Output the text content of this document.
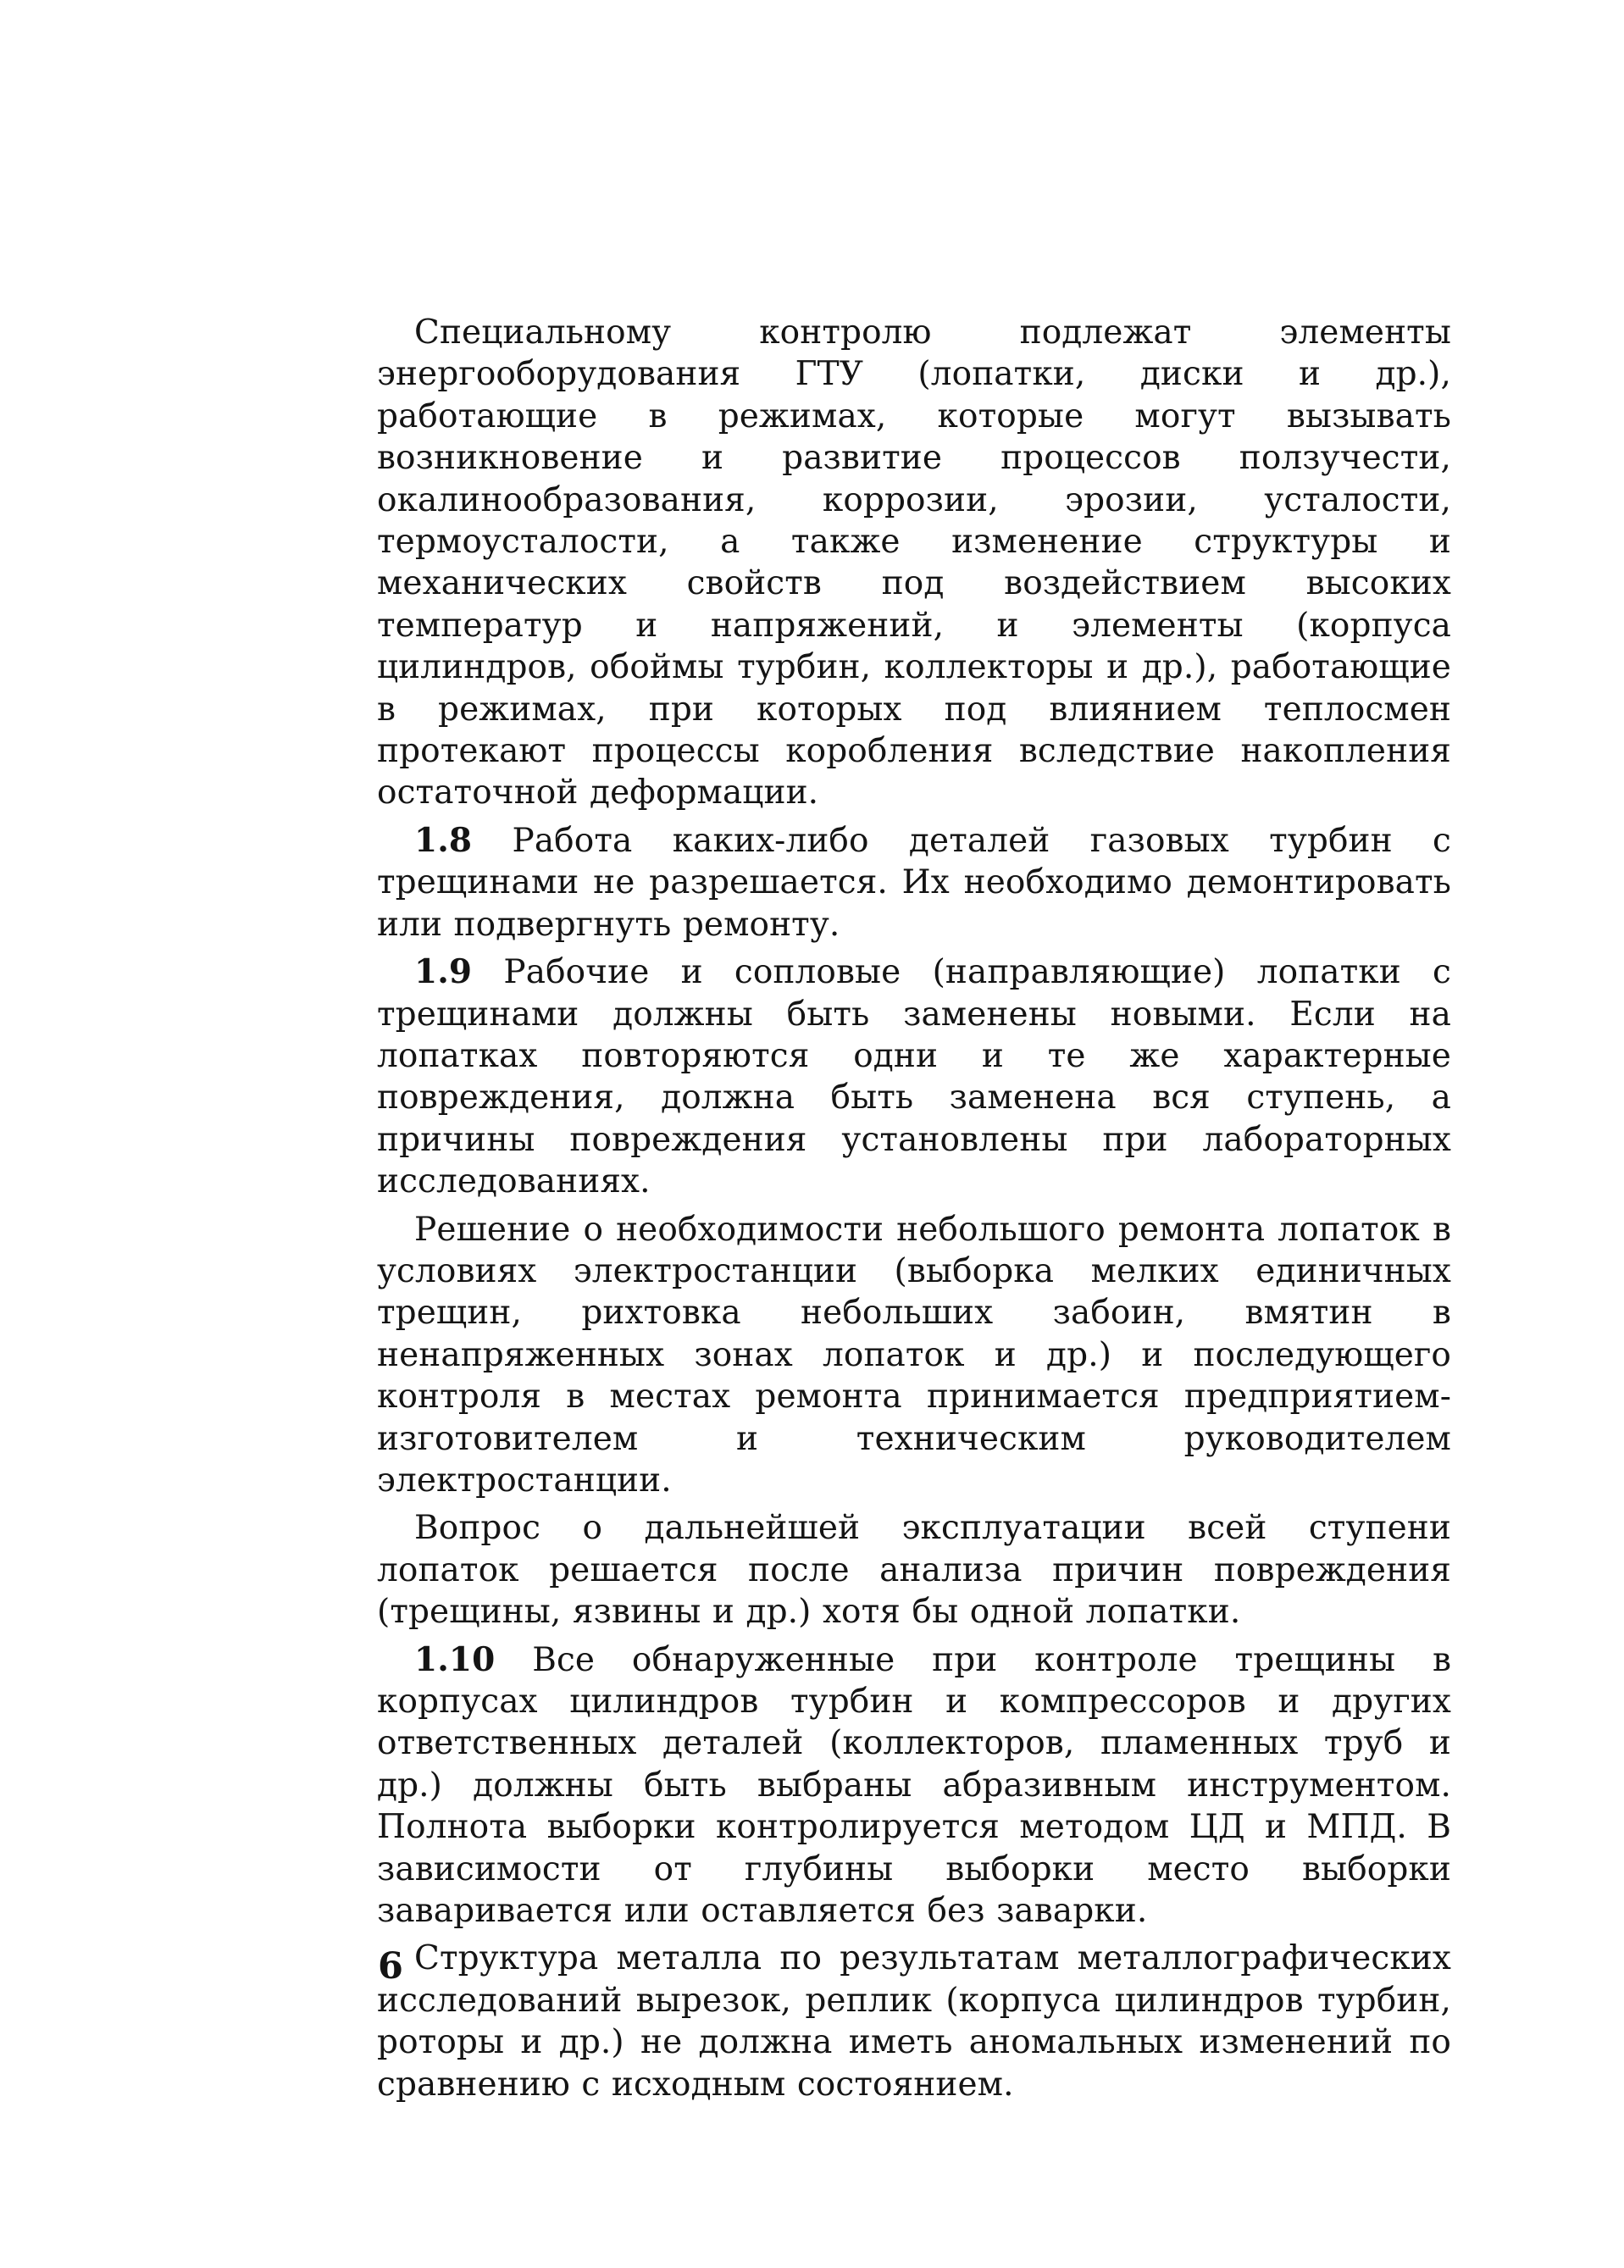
Специальному контролю подлежат элементы энергооборудования ГТУ (лопатки, диски и др.), работающие в режимах, которые могут вызывать возникновение и развитие процессов ползучести, окалинообразования, коррозии, эрозии, усталости, термоусталости, а также изменение структуры и механических свойств под воздействием высоких температур и напряжений, и элементы (корпуса цилиндров, обоймы турбин, коллекторы и др.), работающие в режимах, при которых под влиянием теплосмен протекают процессы коробления вследствие накопления остаточной деформации.

1.8 Работа каких-либо деталей газовых турбин с трещинами не разрешается. Их необходимо демонтировать или подвергнуть ремонту.

1.9 Рабочие и сопловые (направляющие) лопатки с трещинами должны быть заменены новыми. Если на лопатках повторяются одни и те же характерные повреждения, должна быть заменена вся ступень, а причины повреждения установлены при лабораторных исследованиях.

Решение о необходимости небольшого ремонта лопаток в условиях электростанции (выборка мелких единичных трещин, рихтовка небольших забоин, вмятин в ненапряженных зонах лопаток и др.) и последующего контроля в местах ремонта принимается предприятием-изготовителем и техническим руководителем электростанции.

Вопрос о дальнейшей эксплуатации всей ступени лопаток решается после анализа причин повреждения (трещины, язвины и др.) хотя бы одной лопатки.

1.10 Все обнаруженные при контроле трещины в корпусах цилиндров турбин и компрессоров и других ответственных деталей (коллекторов, пламенных труб и др.) должны быть выбраны абразивным инструментом. Полнота выборки контролируется методом ЦД и МПД. В зависимости от глубины выборки место выборки заваривается или оставляется без заварки.

Структура металла по результатам металлографических исследований вырезок, реплик (корпуса цилиндров турбин, роторы и др.) не должна иметь аномальных изменений по сравнению с исходным состоянием.

6
